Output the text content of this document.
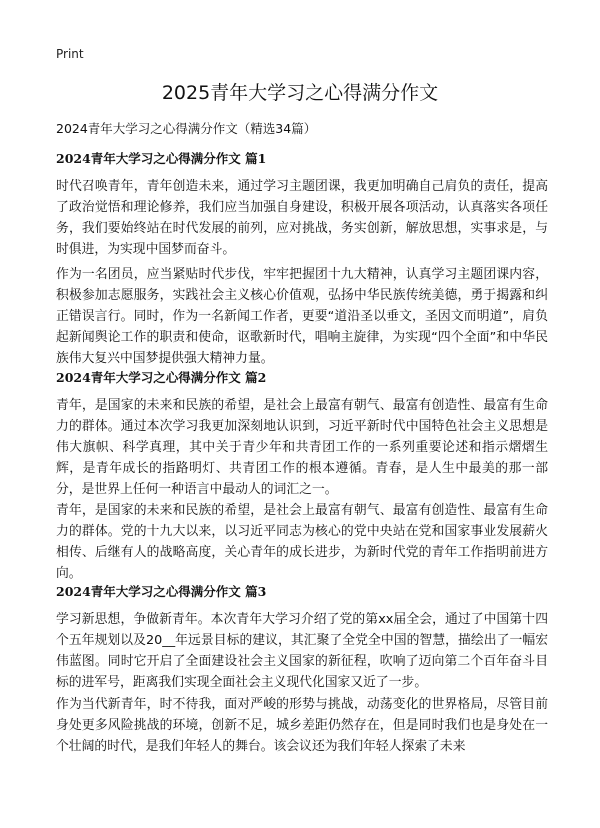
Print
2025青年大学习之心得满分作文

2024青年大学习之心得满分作文（精选34篇）

2024青年大学习之心得满分作文 篇1

时代召唤青年，青年创造未来，通过学习主题团课，我更加明确自己肩负的责任，提高了政治觉悟和理论修养，我们应当加强自身建设，积极开展各项活动，认真落实各项任务，我们要始终站在时代发展的前列，应对挑战，务实创新，解放思想，实事求是，与时俱进，为实现中国梦而奋斗。

作为一名团员，应当紧贴时代步伐，牢牢把握团十九大精神，认真学习主题团课内容，积极参加志愿服务，实践社会主义核心价值观，弘扬中华民族传统美德，勇于揭露和纠正错误言行。同时，作为一名新闻工作者，更要“道沿圣以垂文，圣因文而明道”，肩负起新闻舆论工作的职责和使命，讴歌新时代，唱响主旋律，为实现“四个全面”和中华民族伟大复兴中国梦提供强大精神力量。

2024青年大学习之心得满分作文 篇2

青年，是国家的未来和民族的希望，是社会上最富有朝气、最富有创造性、最富有生命力的群体。通过本次学习我更加深刻地认识到，习近平新时代中国特色社会主义思想是伟大旗帜、科学真理，其中关于青少年和共青团工作的一系列重要论述和指示熠熠生辉，是青年成长的指路明灯、共青团工作的根本遵循。青春，是人生中最美的那一部分，是世界上任何一种语言中最动人的词汇之一。

青年，是国家的未来和民族的希望，是社会上最富有朝气、最富有创造性、最富有生命力的群体。党的十九大以来，以习近平同志为核心的党中央站在党和国家事业发展薪火相传、后继有人的战略高度，关心青年的成长进步，为新时代党的青年工作指明前进方向。

2024青年大学习之心得满分作文 篇3

学习新思想，争做新青年。本次青年大学习介绍了党的第xx届全会，通过了中国第十四个五年规划以及20__年远景目标的建议，其汇聚了全党全中国的智慧，描绘出了一幅宏伟蓝图。同时它开启了全面建设社会主义国家的新征程，吹响了迈向第二个百年奋斗目标的进军号，距离我们实现全面社会主义现代化国家又近了一步。

作为当代新青年，时不待我，面对严峻的形势与挑战，动荡变化的世界格局，尽管目前身处更多风险挑战的环境，创新不足，城乡差距仍然存在，但是同时我们也是身处在一个壮阔的时代，是我们年轻人的舞台。该会议还为我们年轻人探索了未来
